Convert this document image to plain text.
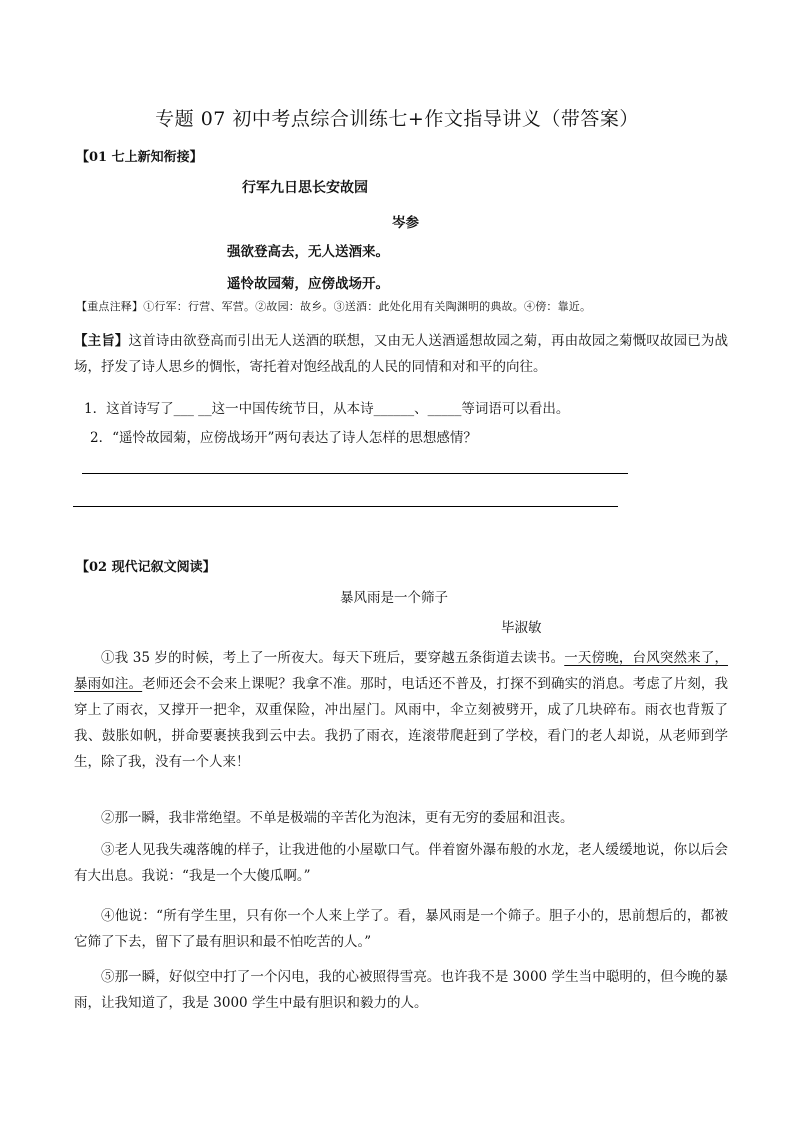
专题 07 初中考点综合训练七+作文指导讲义（带答案）
【01 七上新知衔接】
行军九日思长安故园
岑参
强欲登高去，无人送酒来。
遥怜故园菊，应傍战场开。
【重点注释】①行军：行营、军营。②故园：故乡。③送酒：此处化用有关陶渊明的典故。④傍：靠近。
【主旨】这首诗由欲登高而引出无人送酒的联想，又由无人送酒遥想故园之菊，再由故园之菊慨叹故园已为战场，抒发了诗人思乡的惆怅，寄托着对饱经战乱的人民的同情和对和平的向往。
1．这首诗写了___ __这一中国传统节日，从本诗______、_____等词语可以看出。
2．“遥怜故园菊，应傍战场开”两句表达了诗人怎样的思想感情？
【02 现代记叙文阅读】
暴风雨是一个筛子
毕淑敏
①我 35 岁的时候，考上了一所夜大。每天下班后，要穿越五条街道去读书。一天傍晚，台风突然来了，暴雨如注。老师还会不会来上课呢？我拿不准。那时，电话还不普及，打探不到确实的消息。考虑了片刻，我穿上了雨衣，又撑开一把伞，双重保险，冲出屋门。风雨中，伞立刻被劈开，成了几块碎布。雨衣也背叛了我、鼓胀如帆，拼命要裹挟我到云中去。我扔了雨衣，连滚带爬赶到了学校，看门的老人却说，从老师到学生，除了我，没有一个人来！
②那一瞬，我非常绝望。不单是极端的辛苦化为泡沫，更有无穷的委屈和沮丧。
③老人见我失魂落魄的样子，让我进他的小屋歇口气。伴着窗外瀑布般的水龙，老人缓缓地说，你以后会有大出息。我说：“我是一个大傻瓜啊。”
④他说：“所有学生里，只有你一个人来上学了。看，暴风雨是一个筛子。胆子小的，思前想后的，都被它筛了下去，留下了最有胆识和最不怕吃苦的人。”
⑤那一瞬，好似空中打了一个闪电，我的心被照得雪亮。也许我不是 3000 学生当中聪明的，但今晚的暴雨，让我知道了，我是 3000 学生中最有胆识和毅力的人。
